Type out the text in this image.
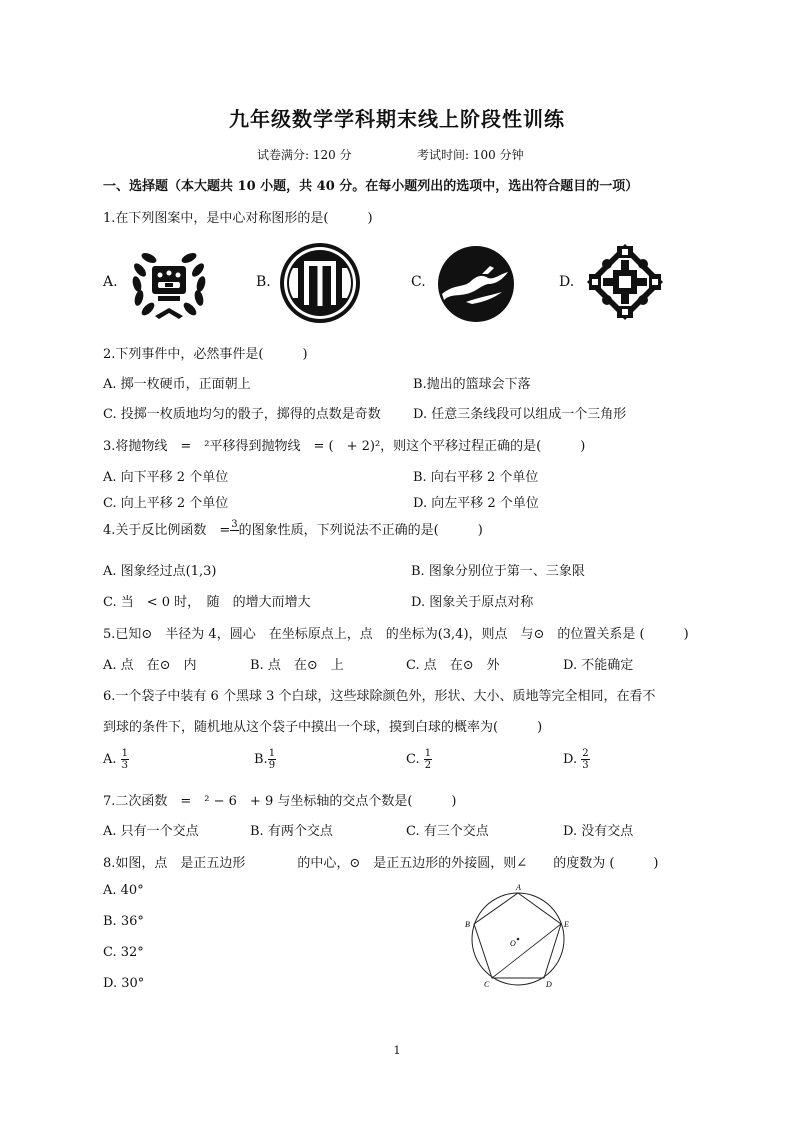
九年级数学学科期末线上阶段性训练
试卷满分: 120 分	考试时间: 100 分钟
一、选择题（本大题共 10 小题，共 40 分。在每小题列出的选项中，选出符合题目的一项）
1.在下列图案中，是中心对称图形的是(　　　)
A.	B.	C.	D.
2.下列事件中，必然事件是(　　　)
A. 掷一枚硬币，正面朝上	B.抛出的篮球会下落
C. 投掷一枚质地均匀的骰子，掷得的点数是奇数 D. 任意三条线段可以组成一个三角形
3.将抛物线　=　²平移得到抛物线　= (　+ 2)²，则这个平移过程正确的是(　　　)
A. 向下平移 2 个单位	B. 向右平移 2 个单位
C. 向上平移 2 个单位	D. 向左平移 2 个单位
4.关于反比例函数　= 3
的图象性质，下列说法不正确的是(　　　)
A. 图象经过点(1,3)	B. 图象分别位于第一、三象限
C. 当　< 0 时，　随　的增大而增大	D. 图象关于原点对称
5.已知⊙　半径为 4，圆心　在坐标原点上，点　的坐标为(3,4)，则点　与⊙　的位置关系是 (　　　)
A. 点　在⊙　内	B. 点　在⊙　上	C. 点　在⊙　外	D. 不能确定
6.一个袋子中装有 6 个黑球 3 个白球，这些球除颜色外，形状、大小、质地等完全相同，在看不
到球的条件下，随机地从这个袋子中摸出一个球，摸到白球的概率为(　　　)
A. $\frac{1}{3}$	B. $\frac{1}{9}$	C. $\frac{1}{2}$	D. $\frac{2}{3}$
7.二次函数　=　² − 6　+ 9 与坐标轴的交点个数是(　　　)
A. 只有一个交点	B. 有两个交点	C. 有三个交点	D. 没有交点
8.如图，点　是正五边形　　　　的中心，⊙　是正五边形的外接圆，则∠　　的度数为 (　　　)
A. 40°
B. 36°
C. 32°
D. 30°
A
E
D
C
B
O
1
